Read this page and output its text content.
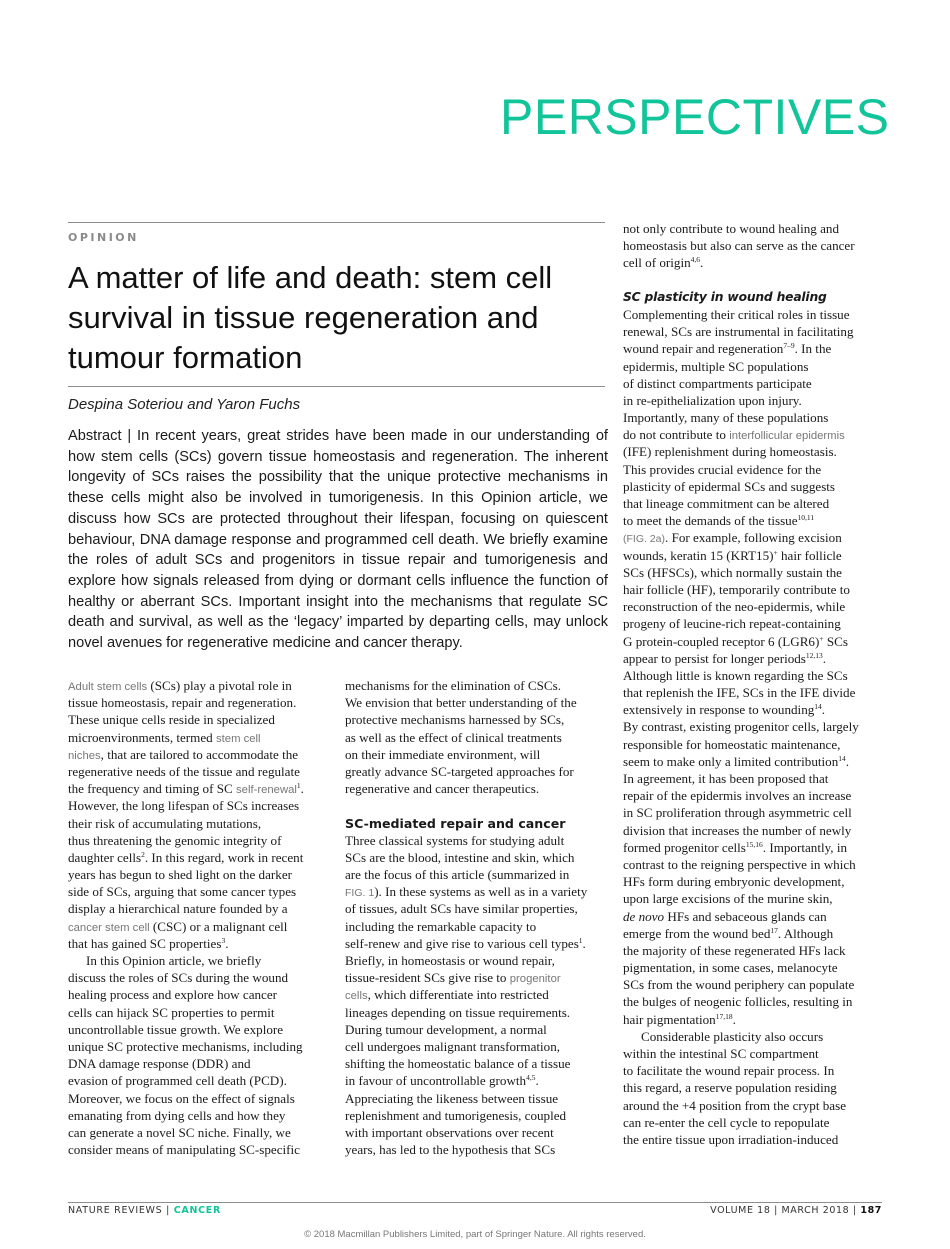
PERSPECTIVES
OPINION
A matter of life and death: stem cell
survival in tissue regeneration and
tumour formation
Despina Soteriou and Yaron Fuchs
Abstract | In recent years, great strides have been made in our understanding of
how stem cells (SCs) govern tissue homeostasis and regeneration. The inherent
longevity of SCs raises the possibility that the unique protective mechanisms in
these cells might also be involved in tumorigenesis. In this Opinion article, we
discuss how SCs are protected throughout their lifespan, focusing on quiescent
behaviour, DNA damage response and programmed cell death. We briefly examine
the roles of adult SCs and progenitors in tissue repair and tumorigenesis and
explore how signals released from dying or dormant cells influence the function of
healthy or aberrant SCs. Important insight into the mechanisms that regulate SC
death and survival, as well as the ‘legacy’ imparted by departing cells, may unlock
novel avenues for regenerative medicine and cancer therapy.
Adult stem cells (SCs) play a pivotal role in
tissue homeostasis, repair and regeneration.
These unique cells reside in specialized
microenvironments, termed stem cell
niches, that are tailored to accommodate the
regenerative needs of the tissue and regulate
the frequency and timing of SC self-renewal$^1$.
However, the long lifespan of SCs increases
their risk of accumulating mutations,
thus threatening the genomic integrity of
daughter cells$^2$. In this regard, work in recent
years has begun to shed light on the darker
side of SCs, arguing that some cancer types
display a hierarchical nature founded by a
cancer stem cell (CSC) or a malignant cell
that has gained SC properties$^3$.
In this Opinion article, we briefly
discuss the roles of SCs during the wound
healing process and explore how cancer
cells can hijack SC properties to permit
uncontrollable tissue growth. We explore
unique SC protective mechanisms, including
DNA damage response (DDR) and
evasion of programmed cell death (PCD).
Moreover, we focus on the effect of signals
emanating from dying cells and how they
can generate a novel SC niche. Finally, we
consider means of manipulating SC-specific
mechanisms for the elimination of CSCs.
We envision that better understanding of the
protective mechanisms harnessed by SCs,
as well as the effect of clinical treatments
on their immediate environment, will
greatly advance SC-targeted approaches for
regenerative and cancer therapeutics.
SC-mediated repair and cancer
Three classical systems for studying adult
SCs are the blood, intestine and skin, which
are the focus of this article (summarized in
FIG. 1). In these systems as well as in a variety
of tissues, adult SCs have similar properties,
including the remarkable capacity to
self-renew and give rise to various cell types$^1$.
Briefly, in homeostasis or wound repair,
tissue-resident SCs give rise to progenitor
cells, which differentiate into restricted
lineages depending on tissue requirements.
During tumour development, a normal
cell undergoes malignant transformation,
shifting the homeostatic balance of a tissue
in favour of uncontrollable growth$^{4,5}$.
Appreciating the likeness between tissue
replenishment and tumorigenesis, coupled
with important observations over recent
years, has led to the hypothesis that SCs
not only contribute to wound healing and
homeostasis but also can serve as the cancer
cell of origin$^{4,6}$.
SC plasticity in wound healing
Complementing their critical roles in tissue
renewal, SCs are instrumental in facilitating
wound repair and regeneration$^{7-9}$. In the
epidermis, multiple SC populations
of distinct compartments participate
in re-epithelialization upon injury.
Importantly, many of these populations
do not contribute to interfollicular epidermis
(IFE) replenishment during homeostasis.
This provides crucial evidence for the
plasticity of epidermal SCs and suggests
that lineage commitment can be altered
to meet the demands of the tissue$^{10,11}$
(FIG. 2a). For example, following excision
wounds, keratin 15 (KRT15)+ hair follicle
SCs (HFSCs), which normally sustain the
hair follicle (HF), temporarily contribute to
reconstruction of the neo-epidermis, while
progeny of leucine-rich repeat-containing
G protein-coupled receptor 6 (LGR6)+ SCs
appear to persist for longer periods$^{12,13}$.
Although little is known regarding the SCs
that replenish the IFE, SCs in the IFE divide
extensively in response to wounding$^{14}$.
By contrast, existing progenitor cells, largely
responsible for homeostatic maintenance,
seem to make only a limited contribution$^{14}$.
In agreement, it has been proposed that
repair of the epidermis involves an increase
in SC proliferation through asymmetric cell
division that increases the number of newly
formed progenitor cells$^{15,16}$. Importantly, in
contrast to the reigning perspective in which
HFs form during embryonic development,
upon large excisions of the murine skin,
de novo HFs and sebaceous glands can
emerge from the wound bed$^{17}$. Although
the majority of these regenerated HFs lack
pigmentation, in some cases, melanocyte
SCs from the wound periphery can populate
the bulges of neogenic follicles, resulting in
hair pigmentation$^{17,18}$.
Considerable plasticity also occurs
within the intestinal SC compartment
to facilitate the wound repair process. In
this regard, a reserve population residing
around the +4 position from the crypt base
can re-enter the cell cycle to repopulate
the entire tissue upon irradiation-induced
NATURE REVIEWS | CANCER	VOLUME 18 | MARCH 2018 | 187
© 2018 Macmillan Publishers Limited, part of Springer Nature. All rights reserved.
